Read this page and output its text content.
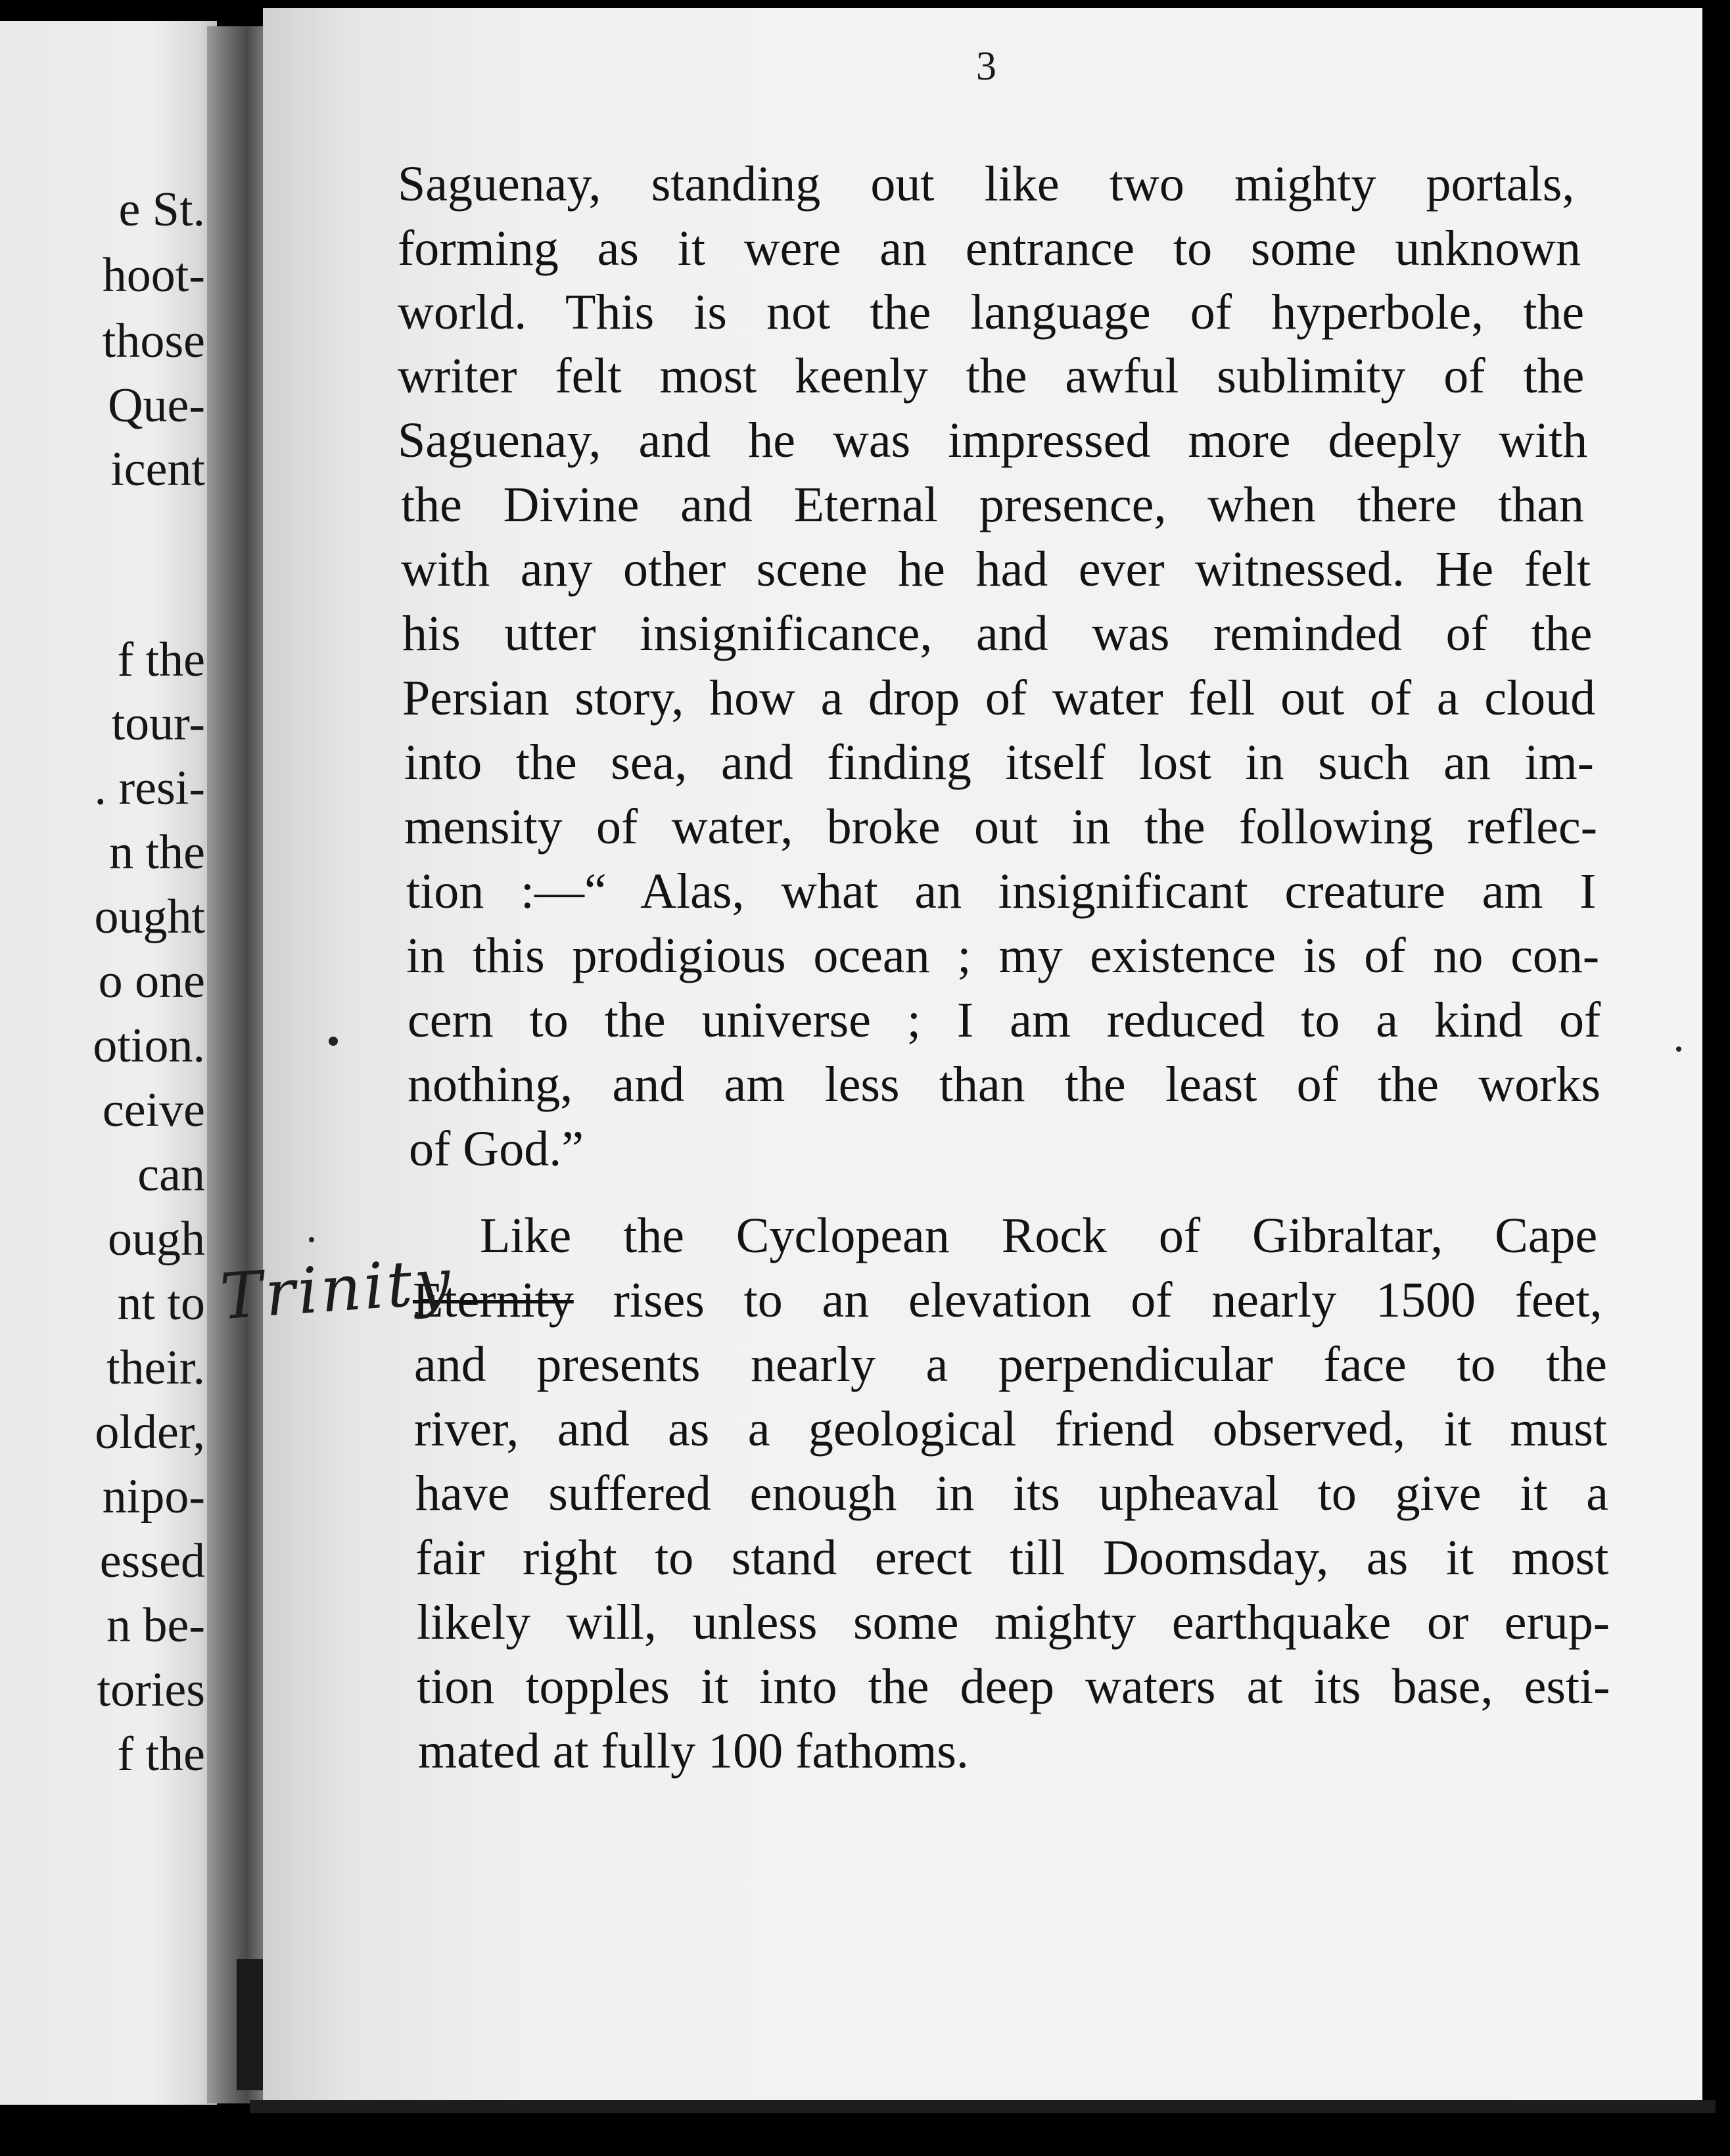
e St.
hoot-
those
Que-
icent
f the
tour-
. resi-
n the
ought
o one
otion.
ceive
can
ough
nt to
their.
older,
nipo-
essed
n be-
tories
f the
3
Saguenay, standing out like two mighty portals,
forming as it were an entrance to some unknown
world. This is not the language of hyperbole, the
writer felt most keenly the awful sublimity of the
Saguenay, and he was impressed more deeply with
the Divine and Eternal presence, when there than
with any other scene he had ever witnessed. He felt
his utter insignificance, and was reminded of the
Persian story, how a drop of water fell out of a cloud
into the sea, and finding itself lost in such an im-
mensity of water, broke out in the following reflec-
tion :—“ Alas, what an insignificant creature am I
in this prodigious ocean ; my existence is of no con-
cern to the universe ; I am reduced to a kind of
nothing, and am less than the least of the works
of God.”
Like the Cyclopean Rock of Gibraltar, Cape
Eternity rises to an elevation of nearly 1500 feet,
and presents nearly a perpendicular face to the
river, and as a geological friend observed, it must
have suffered enough in its upheaval to give it a
fair right to stand erect till Doomsday, as it most
likely will, unless some mighty earthquake or erup-
tion topples it into the deep waters at its base, esti-
mated at fully 100 fathoms.
Trinity
